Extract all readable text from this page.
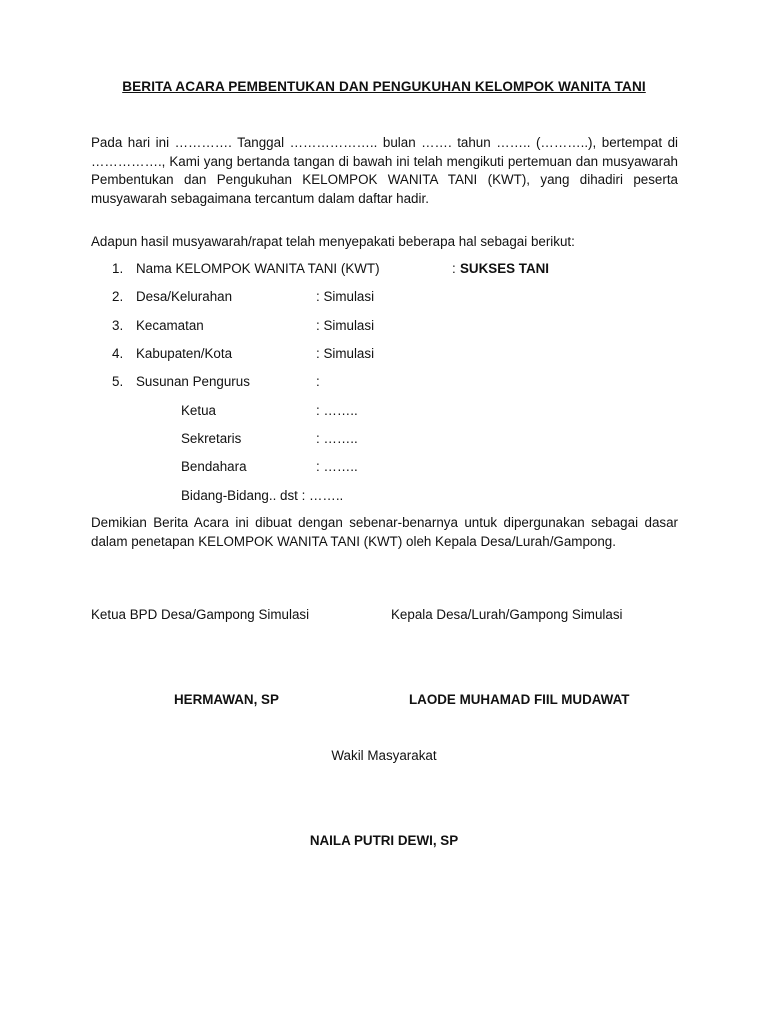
BERITA ACARA PEMBENTUKAN DAN PENGUKUHAN KELOMPOK WANITA TANI
Pada hari ini …………. Tanggal ……………….. bulan ……. tahun …….. (………..), bertempat di ……………., Kami yang bertanda tangan di bawah ini telah mengikuti pertemuan dan musyawarah Pembentukan dan Pengukuhan KELOMPOK WANITA TANI (KWT), yang dihadiri peserta musyawarah sebagaimana tercantum dalam daftar hadir.
Adapun hasil musyawarah/rapat telah menyepakati beberapa hal sebagai berikut:
1. Nama KELOMPOK WANITA TANI (KWT)	: SUKSES TANI
2. Desa/Kelurahan	: Simulasi
3. Kecamatan	: Simulasi
4. Kabupaten/Kota	: Simulasi
5. Susunan Pengurus	:
Ketua	: ……..
Sekretaris	: ……..
Bendahara	: ……..
Bidang-Bidang.. dst : ……..
Demikian Berita Acara ini dibuat dengan sebenar-benarnya untuk dipergunakan sebagai dasar dalam penetapan KELOMPOK WANITA TANI (KWT) oleh Kepala Desa/Lurah/Gampong.
Ketua BPD Desa/Gampong Simulasi	Kepala Desa/Lurah/Gampong Simulasi
HERMAWAN, SP	LAODE MUHAMAD FIIL MUDAWAT
Wakil Masyarakat
NAILA PUTRI DEWI, SP
